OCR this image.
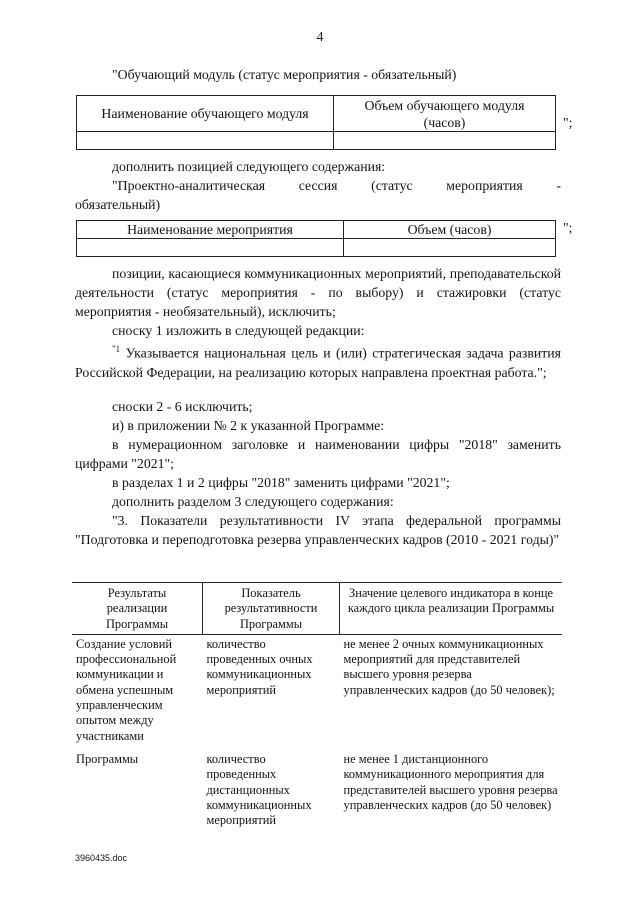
4
"Обучающий модуль (статус мероприятия - обязательный)
Наименование обучающего модуля	Объем обучающего модуля (часов)
		";
дополнить позицией следующего содержания:
"Проектно-аналитическая сессия (статус мероприятия -
обязательный)
Наименование мероприятия	Объем (часов)
		";

позиции, касающиеся коммуникационных мероприятий, преподавательской деятельности (статус мероприятия - по выбору) и стажировки (статус мероприятия - необязательный), исключить;

сноску 1 изложить в следующей редакции:

$^{"1}$ Указывается национальная цель и (или) стратегическая задача развития Российской Федерации, на реализацию которых направлена проектная работа.";

сноски 2 - 6 исключить;
и) в приложении № 2 к указанной Программе:

в нумерационном заголовке и наименовании цифры "2018" заменить цифрами "2021";

в разделах 1 и 2 цифры "2018" заменить цифрами "2021";
дополнить разделом 3 следующего содержания:

"3. Показатели результативности IV этапа федеральной программы "Подготовка и переподготовка резерва управленческих кадров (2010 - 2021 годы)"

Результаты реализации Программы	Показатель результативности Программы	Значение целевого индикатора в конце каждого цикла реализации Программы
Создание условий профессиональной коммуникации и обмена успешным управленческим опытом между участниками	количество проведенных очных коммуникационных мероприятий	не менее 2 очных коммуникационных мероприятий для представителей высшего уровня резерва управленческих кадров (до 50 человек);
Программы	количество проведенных дистанционных коммуникационных мероприятий	не менее 1 дистанционного коммуникационного мероприятия для представителей высшего уровня резерва управленческих кадров (до 50 человек)
3960435.doc
